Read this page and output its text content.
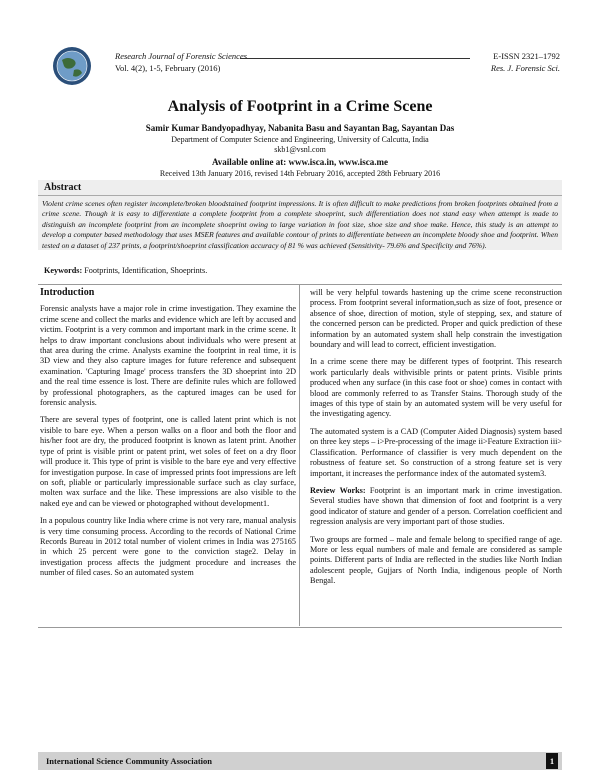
Research Journal of Forensic Sciences
Vol. 4(2), 1-5, February (2016)
E-ISSN 2321–1792
Res. J. Forensic Sci.
Analysis of Footprint in a Crime Scene
Samir Kumar Bandyopadhyay, Nabanita Basu and Sayantan Bag, Sayantan Das
Department of Computer Science and Engineering, University of Calcutta, India
skb1@vsnl.com
Available online at: www.isca.in, www.isca.me
Received 13th January 2016, revised 14th February 2016, accepted 28th February 2016
Abstract
Violent crime scenes often register incomplete/broken bloodstained footprint impressions. It is often difficult to make predictions from broken footprints obtained from a crime scene. Though it is easy to differentiate a complete footprint from a complete shoeprint, such differentiation does not stand easy when attempt is made to distinguish an incomplete footprint from an incomplete shoeprint owing to large variation in foot size, shoe size and shoe make. Hence, this study is an attempt to develop a computer based methodology that uses MSER features and available contour of prints to differentiate between an incomplete bloody shoe and footprint. When tested on a dataset of 237 prints, a footprint/shoeprint classification accuracy of 81 % was achieved (Sensitivity- 79.6% and Specificity and 76%).
Keywords: Footprints, Identification, Shoeprints.
Introduction

Forensic analysts have a major role in crime investigation. They examine the crime scene and collect the marks and evidence which are left by accused and victim. Footprint is a very common and important mark in the crime scene. It helps to draw important conclusions about individuals who were present at that area during the crime. Analysts examine the footprint in real time, it is 3D view and they also capture images for future reference and subsequent examination. 'Capturing Image' process transfers the 3D shoeprint into 2D and the real time essence is lost. There are definite rules which are followed by professional photographers, as the captured images can be used for forensic analysis.

There are several types of footprint, one is called latent print which is not visible to bare eye. When a person walks on a floor and both the floor and his/her foot are dry, the produced footprint is known as latent print. Another type of print is visible print or patent print, wet soles of feet on a dry floor will produce it. This type of print is visible to the bare eye and very effective for investigation purpose. In case of impressed prints foot impressions are left on soft, pliable or particularly impressionable surface such as clay surface, molten wax surface and the like. These impressions are also visible to the naked eye and can be viewed or photographed without development1.

In a populous country like India where crime is not very rare, manual analysis is very time consuming process. According to the records of National Crime Records Bureau in 2012 total number of violent crimes in India was 275165 in which 25 percent were gone to the conviction stage2. Delay in investigation process affects the judgment procedure and increases the number of filed cases. So an automated system

will be very helpful towards hastening up the crime scene reconstruction process. From footprint several information,such as size of foot, presence or absence of shoe, direction of motion, style of stepping, sex, and stature of the concerned person can be predicted. Proper and quick prediction of these information by an automated system shall help constrain the investigation boundary and will lead to correct, efficient investigation.

In a crime scene there may be different types of footprint. This research work particularly deals withvisible prints or patent prints. Visible prints produced when any surface (in this case foot or shoe) comes in contact with blood are commonly referred to as Transfer Stains. Thorough study of the images of this type of stain by an automated system will be very useful for the investigating agency.

The automated system is a CAD (Computer Aided Diagnosis) system based on three key steps – i>Pre-processing of the image ii>Feature Extraction iii> Classification. Performance of classifier is very much dependent on the robustness of feature set. So construction of a strong feature set is very important, it increases the performance index of the automated system3.

Review Works: Footprint is an important mark in crime investigation. Several studies have shown that dimension of foot and footprint is a very good indicator of stature and gender of a person. Correlation coefficient and regression analysis are very important part of those studies.

Two groups are formed – male and female belong to specified range of age. More or less equal numbers of male and female are considered as sample points. Different parts of India are reflected in the studies like North Indian adolescent people, Gujjars of North India, indigenous people of North Bengal.

International Science Community Association	1
